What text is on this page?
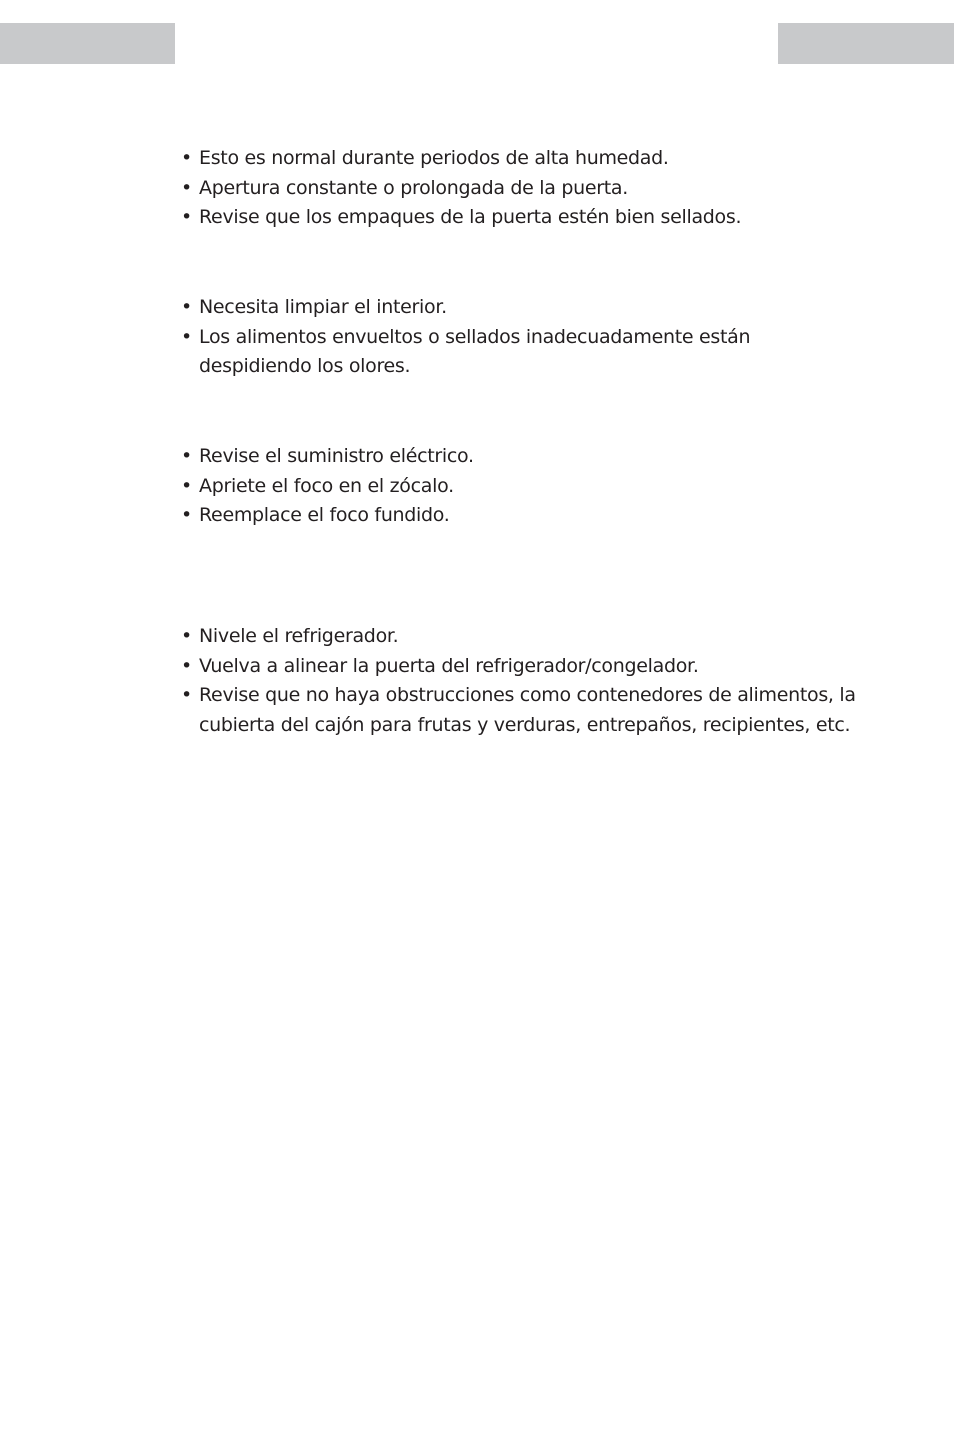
• Esto es normal durante periodos de alta humedad.
• Apertura constante o prolongada de la puerta.
• Revise que los empaques de la puerta estén bien sellados.
• Necesita limpiar el interior.
• Los alimentos envueltos o sellados inadecuadamente están
despidiendo los olores.
• Revise el suministro eléctrico.
• Apriete el foco en el zócalo.
• Reemplace el foco fundido.
• Nivele el refrigerador.
• Vuelva a alinear la puerta del refrigerador/congelador.
• Revise que no haya obstrucciones como contenedores de alimentos, la
cubierta del cajón para frutas y verduras, entrepaños, recipientes, etc.
